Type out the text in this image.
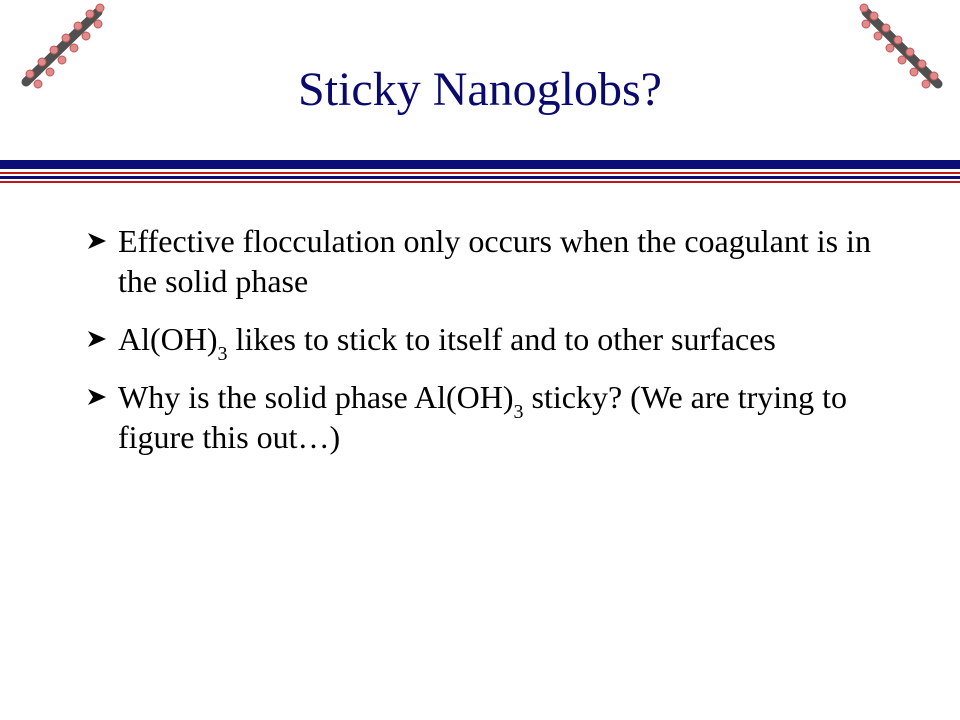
Sticky Nanoglobs?
Effective flocculation only occurs when the coagulant is in the solid phase
$Al(OH)_3$ likes to stick to itself and to other surfaces
Why is the solid phase $Al(OH)_3$ sticky? (We are trying to figure this out…)
